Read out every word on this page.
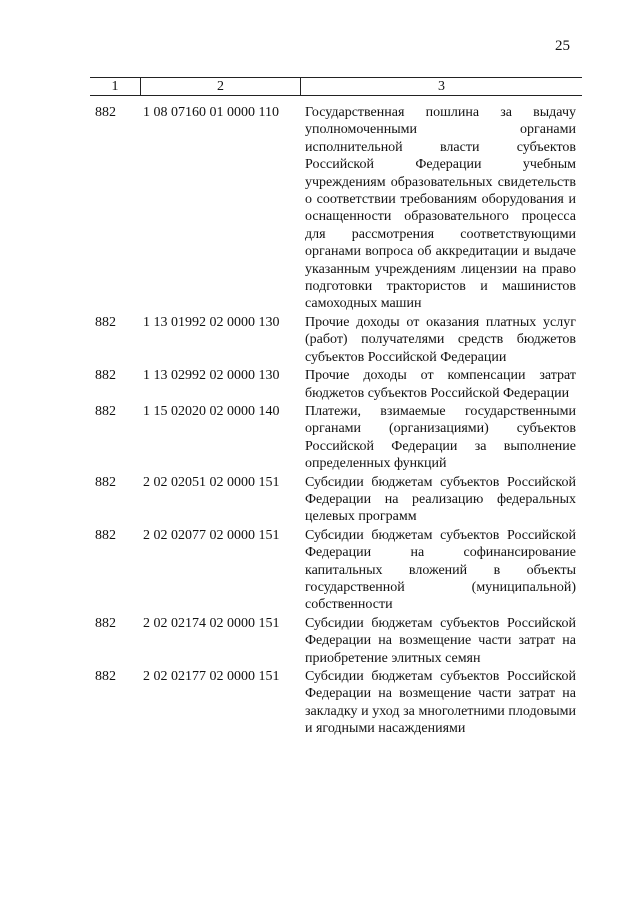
25
1	2	3
882 1 08 07160 01 0000 110 Государственная пошлина за выдачу уполномоченными органами исполнительной власти субъектов Российской Федерации учебным учреждениям образовательных свидетельств о соответствии требованиям оборудования и оснащенности образовательного процесса для рассмотрения соответствующими органами вопроса об аккредитации и выдаче указанным учреждениям лицензии на право подготовки трактористов и машинистов самоходных машин
882 1 13 01992 02 0000 130 Прочие доходы от оказания платных услуг (работ) получателями средств бюджетов субъектов Российской Федерации
882 1 13 02992 02 0000 130 Прочие доходы от компенсации затрат бюджетов субъектов Российской Федерации
882 1 15 02020 02 0000 140 Платежи, взимаемые государственными органами (организациями) субъектов Российской Федерации за выполнение определенных функций
882 2 02 02051 02 0000 151 Субсидии бюджетам субъектов Российской Федерации на реализацию федеральных целевых программ
882 2 02 02077 02 0000 151 Субсидии бюджетам субъектов Российской Федерации на софинансирование капитальных вложений в объекты государственной (муниципальной) собственности
882 2 02 02174 02 0000 151 Субсидии бюджетам субъектов Российской Федерации на возмещение части затрат на приобретение элитных семян
882 2 02 02177 02 0000 151 Субсидии бюджетам субъектов Российской Федерации на возмещение части затрат на закладку и уход за многолетними плодовыми и ягодными насаждениями
